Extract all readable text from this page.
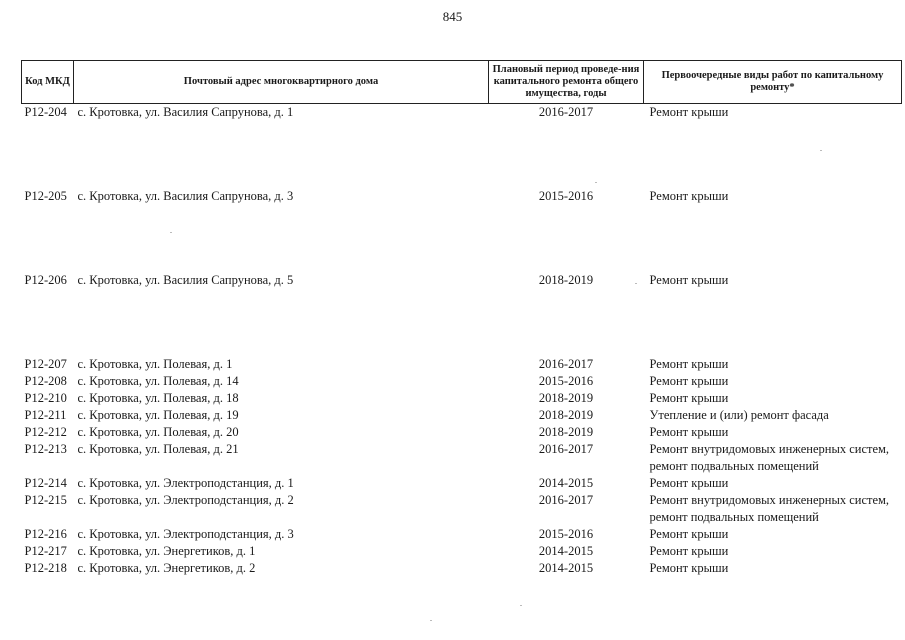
845
Код МКД	Почтовый адрес многоквартирного дома	Плановый период проведе-ния капитального ремонта общего имущества, годы	Первоочередные виды работ по капитальному ремонту*
Р12-204	с. Кротовка, ул. Василия Сапрунова, д. 1	2016-2017	Ремонт крыши
Р12-205	с. Кротовка, ул. Василия Сапрунова, д. 3	2015-2016	Ремонт крыши
Р12-206	с. Кротовка, ул. Василия Сапрунова, д. 5	2018-2019	Ремонт крыши
Р12-207	с. Кротовка, ул. Полевая, д. 1	2016-2017	Ремонт крыши
Р12-208	с. Кротовка, ул. Полевая, д. 14	2015-2016	Ремонт крыши
Р12-210	с. Кротовка, ул. Полевая, д. 18	2018-2019	Ремонт крыши
Р12-211	с. Кротовка, ул. Полевая, д. 19	2018-2019	Утепление и (или) ремонт фасада
Р12-212	с. Кротовка, ул. Полевая, д. 20	2018-2019	Ремонт крыши
Р12-213	с. Кротовка, ул. Полевая, д. 21	2016-2017	Ремонт внутридомовых инженерных систем, ремонт подвальных помещений
Р12-214	с. Кротовка, ул. Электроподстанция, д. 1	2014-2015	Ремонт крыши
Р12-215	с. Кротовка, ул. Электроподстанция, д. 2	2016-2017	Ремонт внутридомовых инженерных систем, ремонт подвальных помещений
Р12-216	с. Кротовка, ул. Электроподстанция, д. 3	2015-2016	Ремонт крыши
Р12-217	с. Кротовка, ул. Энергетиков, д. 1	2014-2015	Ремонт крыши
Р12-218	с. Кротовка, ул. Энергетиков, д. 2	2014-2015	Ремонт крыши
